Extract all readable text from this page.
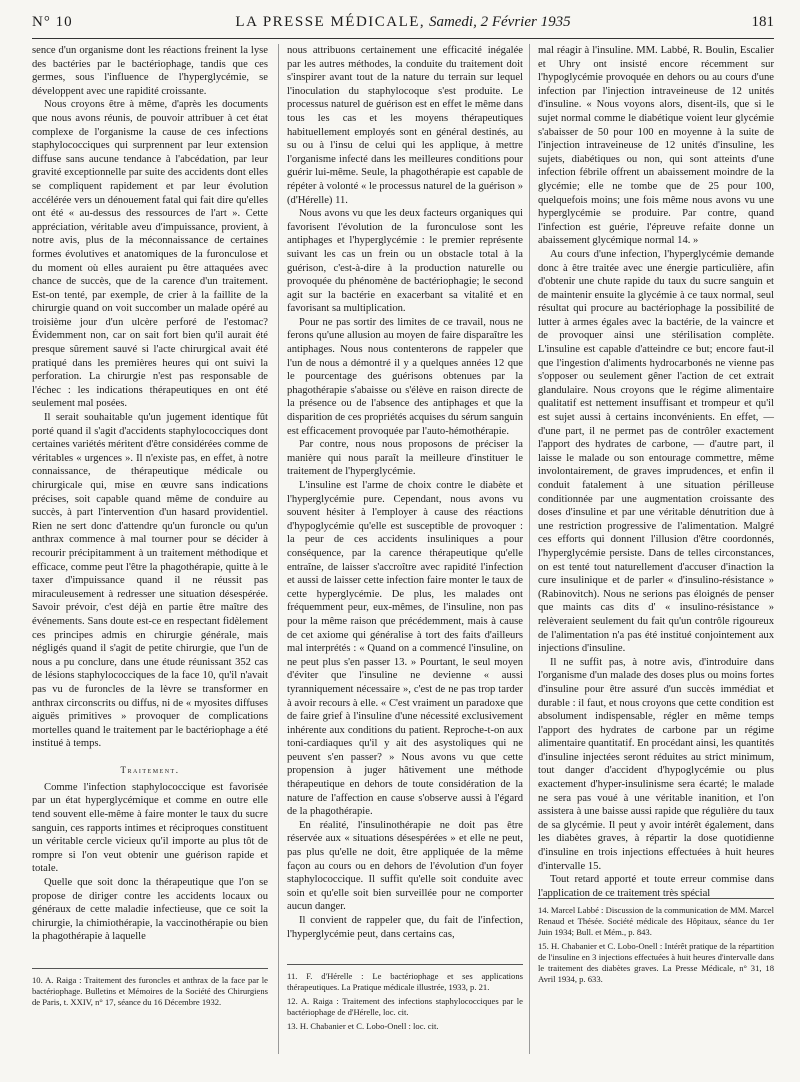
N° 10	LA PRESSE MÉDICALE, Samedi, 2 Février 1935	181

sence d'un organisme dont les réactions freinent la lyse des bactéries par le bactériophage, tandis que ces germes, sous l'influence de l'hyperglycémie, se développent avec une rapidité croissante.

Nous croyons être à même, d'après les documents que nous avons réunis, de pouvoir attribuer à cet état complexe de l'organisme la cause de ces infections staphylococciques qui surprennent par leur extension diffuse sans aucune tendance à l'abcédation, par leur gravité exceptionnelle par suite des accidents dont elles se compliquent rapidement et par leur évolution accélérée vers un dénouement fatal qui fait dire qu'elles ont été « au-dessus des ressources de l'art ». Cette appréciation, véritable aveu d'impuissance, provient, à notre avis, plus de la méconnaissance de certaines formes évolutives et anatomiques de la furonculose et du moment où elles auraient pu être attaquées avec chance de succès, que de la carence d'un traitement. Est-on tenté, par exemple, de crier à la faillite de la chirurgie quand on voit succomber un malade opéré au troisième jour d'un ulcère perforé de l'estomac? Évidemment non, car on sait fort bien qu'il aurait été presque sûrement sauvé si l'acte chirurgical avait été pratiqué dans les premières heures qui ont suivi la perforation. La chirurgie n'est pas responsable de l'échec : les indications thérapeutiques en ont été seulement mal posées.

Il serait souhaitable qu'un jugement identique fût porté quand il s'agit d'accidents staphylococciques dont certaines variétés méritent d'être considérées comme de véritables « urgences ». Il n'existe pas, en effet, à notre connaissance, de thérapeutique médicale ou chirurgicale qui, mise en œuvre sans indications précises, soit capable quand même de conduire au succès, à part l'intervention d'un hasard providentiel. Rien ne sert donc d'attendre qu'un furoncle ou qu'un anthrax commence à mal tourner pour se décider à recourir précipitamment à un traitement méthodique et efficace, comme peut l'être la phagothérapie, quitte à le taxer d'impuissance quand il ne réussit pas miraculeusement à redresser une situation désespérée. Savoir prévoir, c'est déjà en partie être maître des événements. Sans doute est-ce en respectant fidèlement ces principes admis en chirurgie générale, mais négligés quand il s'agit de petite chirurgie, que l'un de nous a pu conclure, dans une étude réunissant 352 cas de lésions staphylococciques de la face 10, qu'il n'avait pas vu de furoncles de la lèvre se transformer en anthrax circonscrits ou diffus, ni de « myosites diffuses aiguës primitives » provoquer de complications mortelles quand le traitement par le bactériophage a été institué à temps.

Traitement.

Comme l'infection staphylococcique est favorisée par un état hyperglycémique et comme en outre elle tend souvent elle-même à faire monter le taux du sucre sanguin, ces rapports intimes et réciproques constituent un véritable cercle vicieux qu'il importe au plus tôt de rompre si l'on veut obtenir une guérison rapide et totale.

Quelle que soit donc la thérapeutique que l'on se propose de diriger contre les accidents locaux ou généraux de cette maladie infectieuse, que ce soit la chirurgie, la chimiothérapie, la vaccinothérapie ou bien la phagothérapie à laquelle

nous attribuons certainement une efficacité inégalée par les autres méthodes, la conduite du traitement doit s'inspirer avant tout de la nature du terrain sur lequel l'inoculation du staphylocoque s'est produite. Le processus naturel de guérison est en effet le même dans tous les cas et les moyens thérapeutiques habituellement employés sont en général destinés, au su ou à l'insu de celui qui les applique, à mettre l'organisme infecté dans les meilleures conditions pour guérir lui-même. Seule, la phagothérapie est capable de répéter à volonté « le processus naturel de la guérison » (d'Hérelle) 11.

Nous avons vu que les deux facteurs organiques qui favorisent l'évolution de la furonculose sont les antiphages et l'hyperglycémie : le premier représente suivant les cas un frein ou un obstacle total à la guérison, c'est-à-dire à la production naturelle ou provoquée du phénomène de bactériophagie; le second agit sur la bactérie en exacerbant sa vitalité et en favorisant sa multiplication.

Pour ne pas sortir des limites de ce travail, nous ne ferons qu'une allusion au moyen de faire disparaître les antiphages. Nous nous contenterons de rappeler que l'un de nous a démontré il y a quelques années 12 que le pourcentage des guérisons obtenues par la phagothérapie s'abaisse ou s'élève en raison directe de la présence ou de l'absence des antiphages et que la disparition de ces propriétés acquises du sérum sanguin est efficacement provoquée par l'auto-hémothérapie.

Par contre, nous nous proposons de préciser la manière qui nous paraît la meilleure d'instituer le traitement de l'hyperglycémie.

L'insuline est l'arme de choix contre le diabète et l'hyperglycémie pure. Cependant, nous avons vu souvent hésiter à l'employer à cause des réactions d'hypoglycémie qu'elle est susceptible de provoquer : la peur de ces accidents insuliniques a pour conséquence, par la carence thérapeutique qu'elle entraîne, de laisser s'accroître avec rapidité l'infection et aussi de laisser cette infection faire monter le taux de cette hyperglycémie. De plus, les malades ont fréquemment peur, eux-mêmes, de l'insuline, non pas pour la même raison que précédemment, mais à cause de cet axiome qui généralise à tort des faits d'ailleurs mal interprétés : « Quand on a commencé l'insuline, on ne peut plus s'en passer 13. » Pourtant, le seul moyen d'éviter que l'insuline ne devienne « aussi tyranniquement nécessaire », c'est de ne pas trop tarder à avoir recours à elle. « C'est vraiment un paradoxe que de faire grief à l'insuline d'une nécessité exclusivement inhérente aux conditions du patient. Reproche-t-on aux toni-cardiaques qu'il y ait des asystoliques qui ne peuvent s'en passer? » Nous avons vu que cette propension à juger hâtivement une méthode thérapeutique en dehors de toute considération de la nature de l'affection en cause s'observe aussi à l'égard de la phagothérapie.

En réalité, l'insulinothérapie ne doit pas être réservée aux « situations désespérées » et elle ne peut, pas plus qu'elle ne doit, être appliquée de la même façon au cours ou en dehors de l'évolution d'un foyer staphylococcique. Il suffit qu'elle soit conduite avec soin et qu'elle soit bien surveillée pour ne comporter aucun danger.

Il convient de rappeler que, du fait de l'infection, l'hyperglycémie peut, dans certains cas,

mal réagir à l'insuline. MM. Labbé, R. Boulin, Escalier et Uhry ont insisté encore récemment sur l'hypoglycémie provoquée en dehors ou au cours d'une infection par l'injection intraveineuse de 12 unités d'insuline. « Nous voyons alors, disent-ils, que si le sujet normal comme le diabétique voient leur glycémie s'abaisser de 50 pour 100 en moyenne à la suite de l'injection intraveineuse de 12 unités d'insuline, les sujets, diabétiques ou non, qui sont atteints d'une infection fébrile offrent un abaissement moindre de la glycémie; elle ne tombe que de 25 pour 100, quelquefois moins; une fois même nous avons vu une hyperglycémie se produire. Par contre, quand l'infection est guérie, l'épreuve refaite donne un abaissement glycémique normal 14. »

Au cours d'une infection, l'hyperglycémie demande donc à être traitée avec une énergie particulière, afin d'obtenir une chute rapide du taux du sucre sanguin et de maintenir ensuite la glycémie à ce taux normal, seul résultat qui procure au bactériophage la possibilité de lutter à armes égales avec la bactérie, de la vaincre et de provoquer ainsi une stérilisation complète. L'insuline est capable d'atteindre ce but; encore faut-il que l'ingestion d'aliments hydrocarbonés ne vienne pas s'opposer ou seulement gêner l'action de cet extrait glandulaire. Nous croyons que le régime alimentaire qualitatif est nettement insuffisant et trompeur et qu'il est sujet aussi à certains inconvénients. En effet, — d'une part, il ne permet pas de contrôler exactement l'apport des hydrates de carbone, — d'autre part, il laisse le malade ou son entourage commettre, même involontairement, de graves imprudences, et enfin il conduit fatalement à une situation périlleuse conditionnée par une augmentation croissante des doses d'insuline et par une véritable dénutrition due à une restriction progressive de l'alimentation. Malgré ces efforts qui donnent l'illusion d'être coordonnés, l'hyperglycémie persiste. Dans de telles circonstances, on est tenté tout naturellement d'accuser d'inaction la cure insulinique et de parler « d'insulino-résistance » (Rabinovitch). Nous ne serions pas éloignés de penser que maints cas dits d' « insulino-résistance » relèveraient seulement du fait qu'un contrôle rigoureux de l'alimentation n'a pas été institué conjointement aux injections d'insuline.

Il ne suffit pas, à notre avis, d'introduire dans l'organisme d'un malade des doses plus ou moins fortes d'insuline pour être assuré d'un succès immédiat et durable : il faut, et nous croyons que cette condition est absolument indispensable, régler en même temps l'apport des hydrates de carbone par un régime alimentaire quantitatif. En procédant ainsi, les quantités d'insuline injectées seront réduites au strict minimum, tout danger d'accident d'hypoglycémie ou plus exactement d'hyper-insulinisme sera écarté; le malade ne sera pas voué à une véritable inanition, et l'on assistera à une baisse aussi rapide que régulière du taux de sa glycémie. Il peut y avoir intérêt également, dans les diabètes graves, à répartir la dose quotidienne d'insuline en trois injections effectuées à huit heures d'intervalle 15.

Tout retard apporté et toute erreur commise dans l'application de ce traitement très spécial

10. A. Raiga : Traitement des furoncles et anthrax de la face par le bactériophage. Bulletins et Mémoires de la Société des Chirurgiens de Paris, t. XXIV, n° 17, séance du 16 Décembre 1932.

11. F. d'Hérelle : Le bactériophage et ses applications thérapeutiques. La Pratique médicale illustrée, 1933, p. 21.

12. A. Raiga : Traitement des infections staphylococciques par le bactériophage de d'Hérelle, loc. cit.

13. H. Chabanier et C. Lobo-Onell : loc. cit.

14. Marcel Labbé : Discussion de la communication de MM. Marcel Renaud et Thésée. Société médicale des Hôpitaux, séance du 1er Juin 1934; Bull. et Mém., p. 843.

15. H. Chabanier et C. Lobo-Onell : Intérêt pratique de la répartition de l'insuline en 3 injections effectuées à huit heures d'intervalle dans le traitement des diabètes graves. La Presse Médicale, n° 31, 18 Avril 1934, p. 633.
